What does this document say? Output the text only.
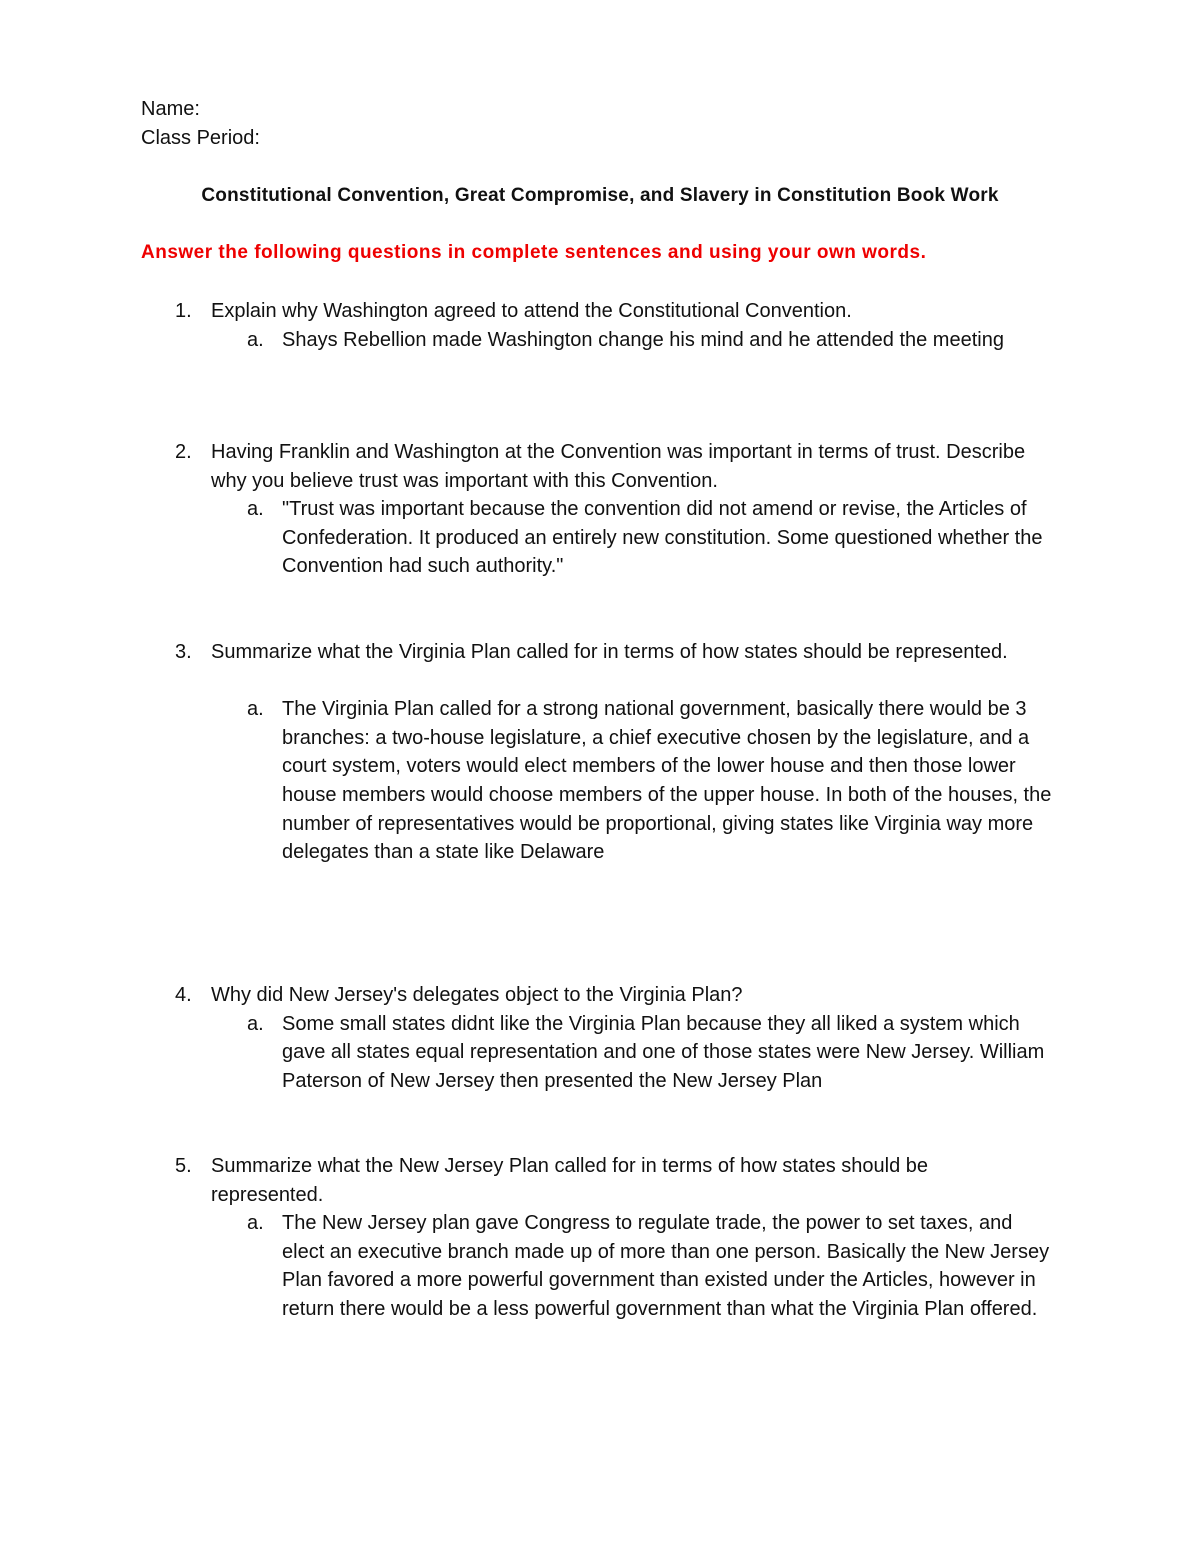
Name:

Class Period:

Constitutional Convention, Great Compromise, and Slavery in Constitution Book Work

Answer the following questions in complete sentences and using your own words.

1. Explain why Washington agreed to attend the Constitutional Convention.
a. Shays Rebellion made Washington change his mind and he attended the meeting
2. Having Franklin and Washington at the Convention was important in terms of trust. Describe why you believe trust was important with this Convention.
a. "Trust was important because the convention did not amend or revise, the Articles of Confederation. It produced an entirely new constitution. Some questioned whether the Convention had such authority."
3. Summarize what the Virginia Plan called for in terms of how states should be represented.
a. The Virginia Plan called for a strong national government, basically there would be 3 branches: a two-house legislature, a chief executive chosen by the legislature, and a court system, voters would elect members of the lower house and then those lower house members would choose members of the upper house. In both of the houses, the number of representatives would be proportional, giving states like Virginia way more delegates than a state like Delaware
4. Why did New Jersey's delegates object to the Virginia Plan?
a. Some small states didnt like the Virginia Plan because they all liked a system which gave all states equal representation and one of those states were New Jersey. William Paterson of New Jersey then presented the New Jersey Plan
5. Summarize what the New Jersey Plan called for in terms of how states should be represented.
a. The New Jersey plan gave Congress to regulate trade, the power to set taxes, and elect an executive branch made up of more than one person. Basically the New Jersey Plan favored a more powerful government than existed under the Articles, however in return there would be a less powerful government than what the Virginia Plan offered.
